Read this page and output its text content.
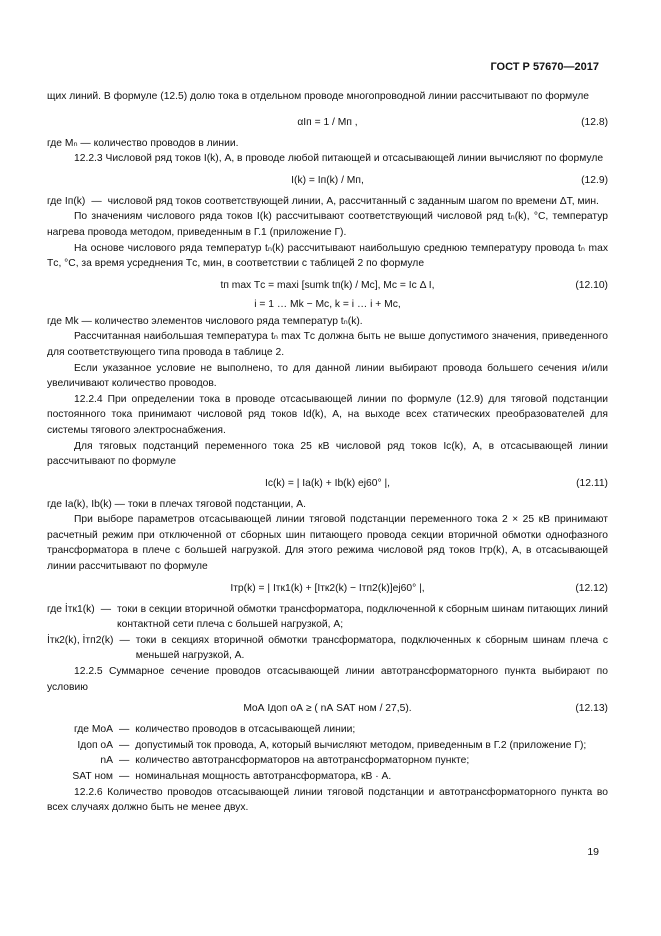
ГОСТ Р 57670—2017

щих линий. В формуле (12.5) долю тока в отдельном проводе многопроводной линии рассчитывают по формуле

αIп = 1 / Mп ,	(12.8)

где Mₙ — количество проводов в линии.

12.2.3 Числовой ряд токов I(k), А, в проводе любой питающей и отсасывающей линии вычисляют по формуле

I(k) = Iп(k) / Mп,	(12.9)
где Iп(k) — числовой ряд токов соответствующей линии, А, рассчитанный с заданным шагом по времени ΔT, мин.

По значениям числового ряда токов I(k) рассчитывают соответствующий числовой ряд tₙ(k), °С, температур нагрева провода методом, приведенным в Г.1 (приложение Г).

На основе числового ряда температур tₙ(k) рассчитывают наибольшую среднюю температуру провода tₙ max Tс, °С, за время усреднения Tс, мин, в соответствии с таблицей 2 по формуле

tп max Tс = maxi [sumk tп(k) / Mс], Mс = Iс Δ I,	(12.10)
i = 1 … Mk − Mс, k = i … i + Mс,

где Mk — количество элементов числового ряда температур tₙ(k).

Рассчитанная наибольшая температура tₙ max Tс должна быть не выше допустимого значения, приведенного для соответствующего типа провода в таблице 2.

Если указанное условие не выполнено, то для данной линии выбирают провода большего сечения и/или увеличивают количество проводов.

12.2.4 При определении тока в проводе отсасывающей линии по формуле (12.9) для тяговой подстанции постоянного тока принимают числовой ряд токов Id(k), А, на выходе всех статических преобразователей для системы тягового электроснабжения.

Для тяговых подстанций переменного тока 25 кВ числовой ряд токов Ic(k), А, в отсасывающей линии рассчитывают по формуле

Iс(k) = | Ia(k) + Ib(k) ej60° |,	(12.11)

где Ia(k), Ib(k) — токи в плечах тяговой подстанции, А.

При выборе параметров отсасывающей линии тяговой подстанции переменного тока 2 × 25 кВ принимают расчетный режим при отключенной от сборных шин питающего провода секции вторичной обмотки однофазного трансформатора в плече с большей нагрузкой. Для этого режима числовой ряд токов Iтр(k), А, в отсасывающей линии рассчитывают по формуле

Iтр(k) = | Iтк1(k) + [Iтк2(k) − Iтп2(k)]ej60° |,	(12.12)
где İтк1(k) — токи в секции вторичной обмотки трансформатора, подключенной к сборным шинам питающих линий контактной сети плеча с большей нагрузкой, А;
İтк2(k), İтп2(k) — токи в секциях вторичной обмотки трансформатора, подключенных к сборным шинам плеча с меньшей нагрузкой, А.

12.2.5 Суммарное сечение проводов отсасывающей линии автотрансформаторного пункта выбирают по условию

MоА Iдоп оА ≥ ( nА SАТ ном / 27,5).	(12.13)
где MоА — количество проводов в отсасывающей линии;
Iдоп оА — допустимый ток провода, А, который вычисляют методом, приведенным в Г.2 (приложение Г);
nА — количество автотрансформаторов на автотрансформаторном пункте;
SАТ ном — номинальная мощность автотрансформатора, кВ · А.

12.2.6 Количество проводов отсасывающей линии тяговой подстанции и автотрансформаторного пункта во всех случаях должно быть не менее двух.

19
